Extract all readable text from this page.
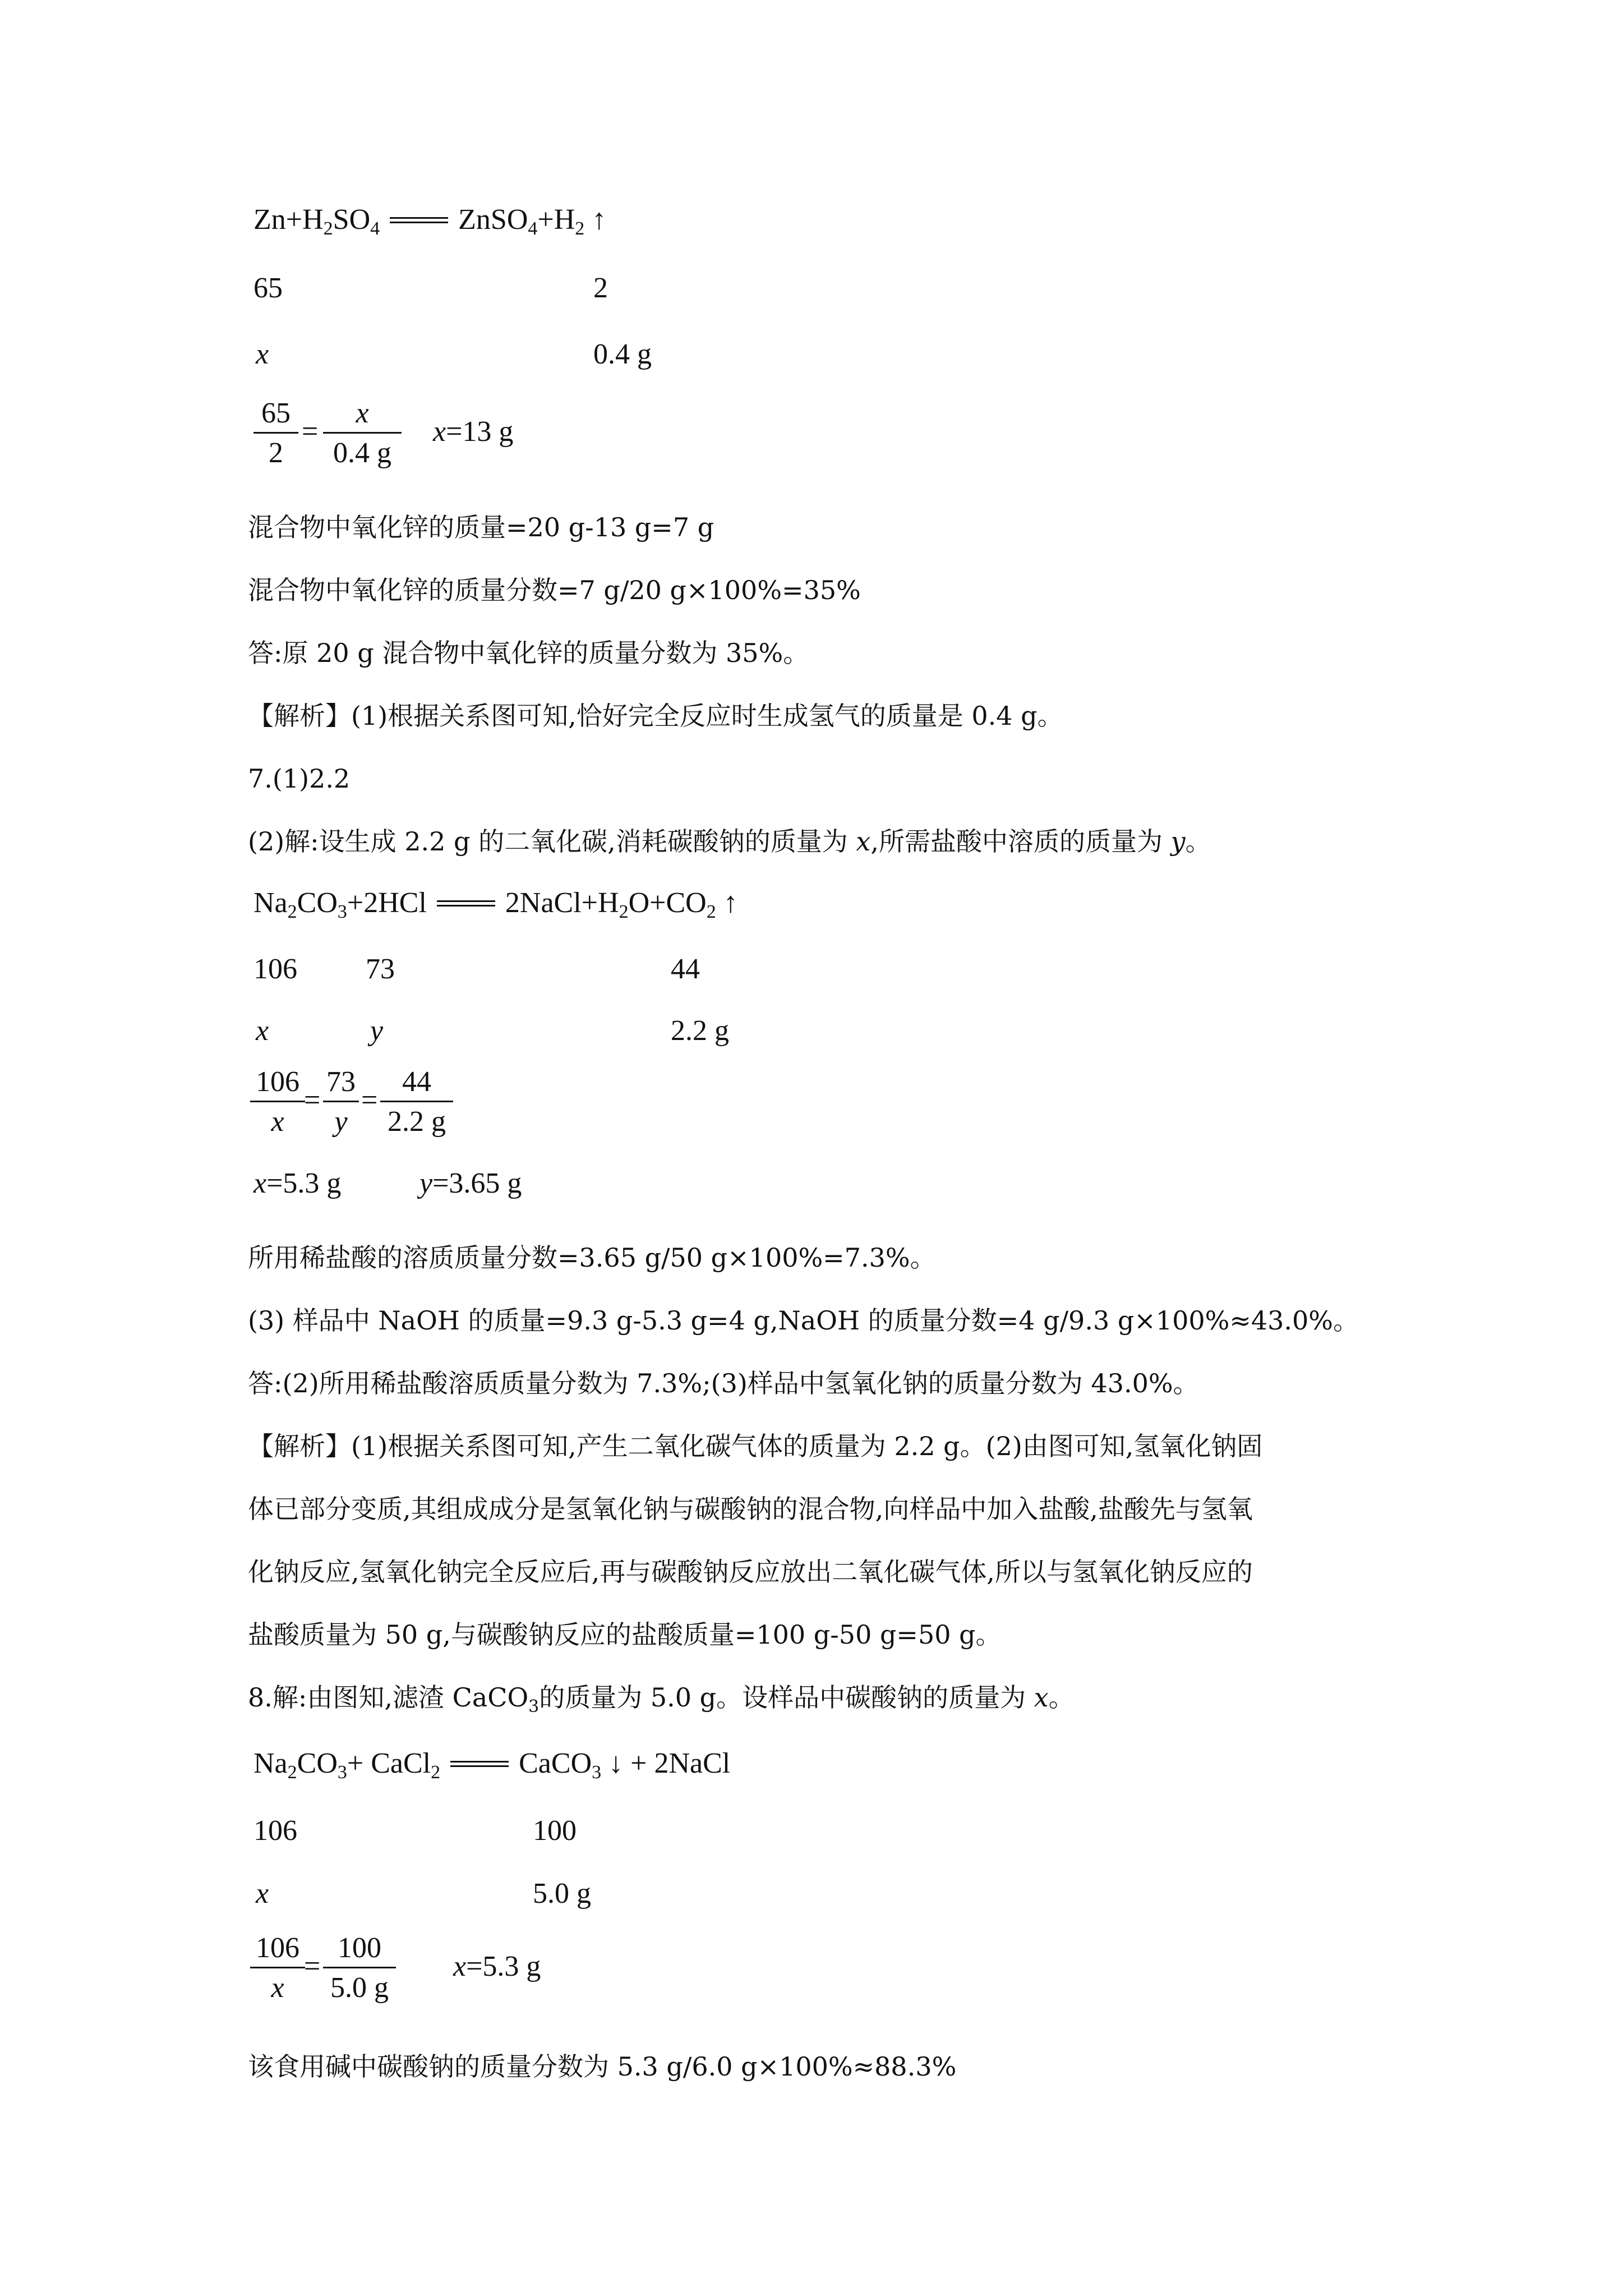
$Zn+H_2SO_4$	$ZnSO_4+H_2$ ↑
65	2
x	0.4 g
$\frac{65}{2} = \frac{x}{0.4 g} x=13$ g
混合物中氧化锌的质量=20 g-13 g=7 g
混合物中氧化锌的质量分数=7 g/20 g×100%=35%
答:原 20 g 混合物中氧化锌的质量分数为 35%。
【解析】(1)根据关系图可知,恰好完全反应时生成氢气的质量是 0.4 g。
7.(1)2.2
(2)解:设生成 2.2 g 的二氧化碳,消耗碳酸钠的质量为 x,所需盐酸中溶质的质量为 y。
$Na_2CO_3+2HCl$	$2NaCl+H_2O+CO_2$ ↑
106 73	44
x	y	2.2 g
$\frac{106}{x}$
= $\frac{73}{y} = \frac{44}{2.2 g}$
x=5.3 g	y=3.65 g
所用稀盐酸的溶质质量分数=3.65 g/50 g×100%=7.3%。
(3) 样品中 NaOH 的质量=9.3 g-5.3 g=4 g,NaOH 的质量分数=4 g/9.3 g×100%≈43.0%。
答:(2)所用稀盐酸溶质质量分数为 7.3%;(3)样品中氢氧化钠的质量分数为 43.0%。
【解析】(1)根据关系图可知,产生二氧化碳气体的质量为 2.2 g。(2)由图可知,氢氧化钠固
体已部分变质,其组成成分是氢氧化钠与碳酸钠的混合物,向样品中加入盐酸,盐酸先与氢氧
化钠反应,氢氧化钠完全反应后,再与碳酸钠反应放出二氧化碳气体,所以与氢氧化钠反应的
盐酸质量为 50 g,与碳酸钠反应的盐酸质量=100 g-50 g=50 g。
8.解:由图知,滤渣 CaCO$_3$的质量为 5.0 g。设样品中碳酸钠的质量为 x。
$Na_2CO_3+$ CaCl$_2$	CaCO$_3$ ↓ + 2NaCl
106	100
x	5.0 g
$\frac{106}{x}$
= $\frac{100}{5.0 g} x=5.3$ g
该食用碱中碳酸钠的质量分数为 5.3 g/6.0 g×100%≈88.3%
